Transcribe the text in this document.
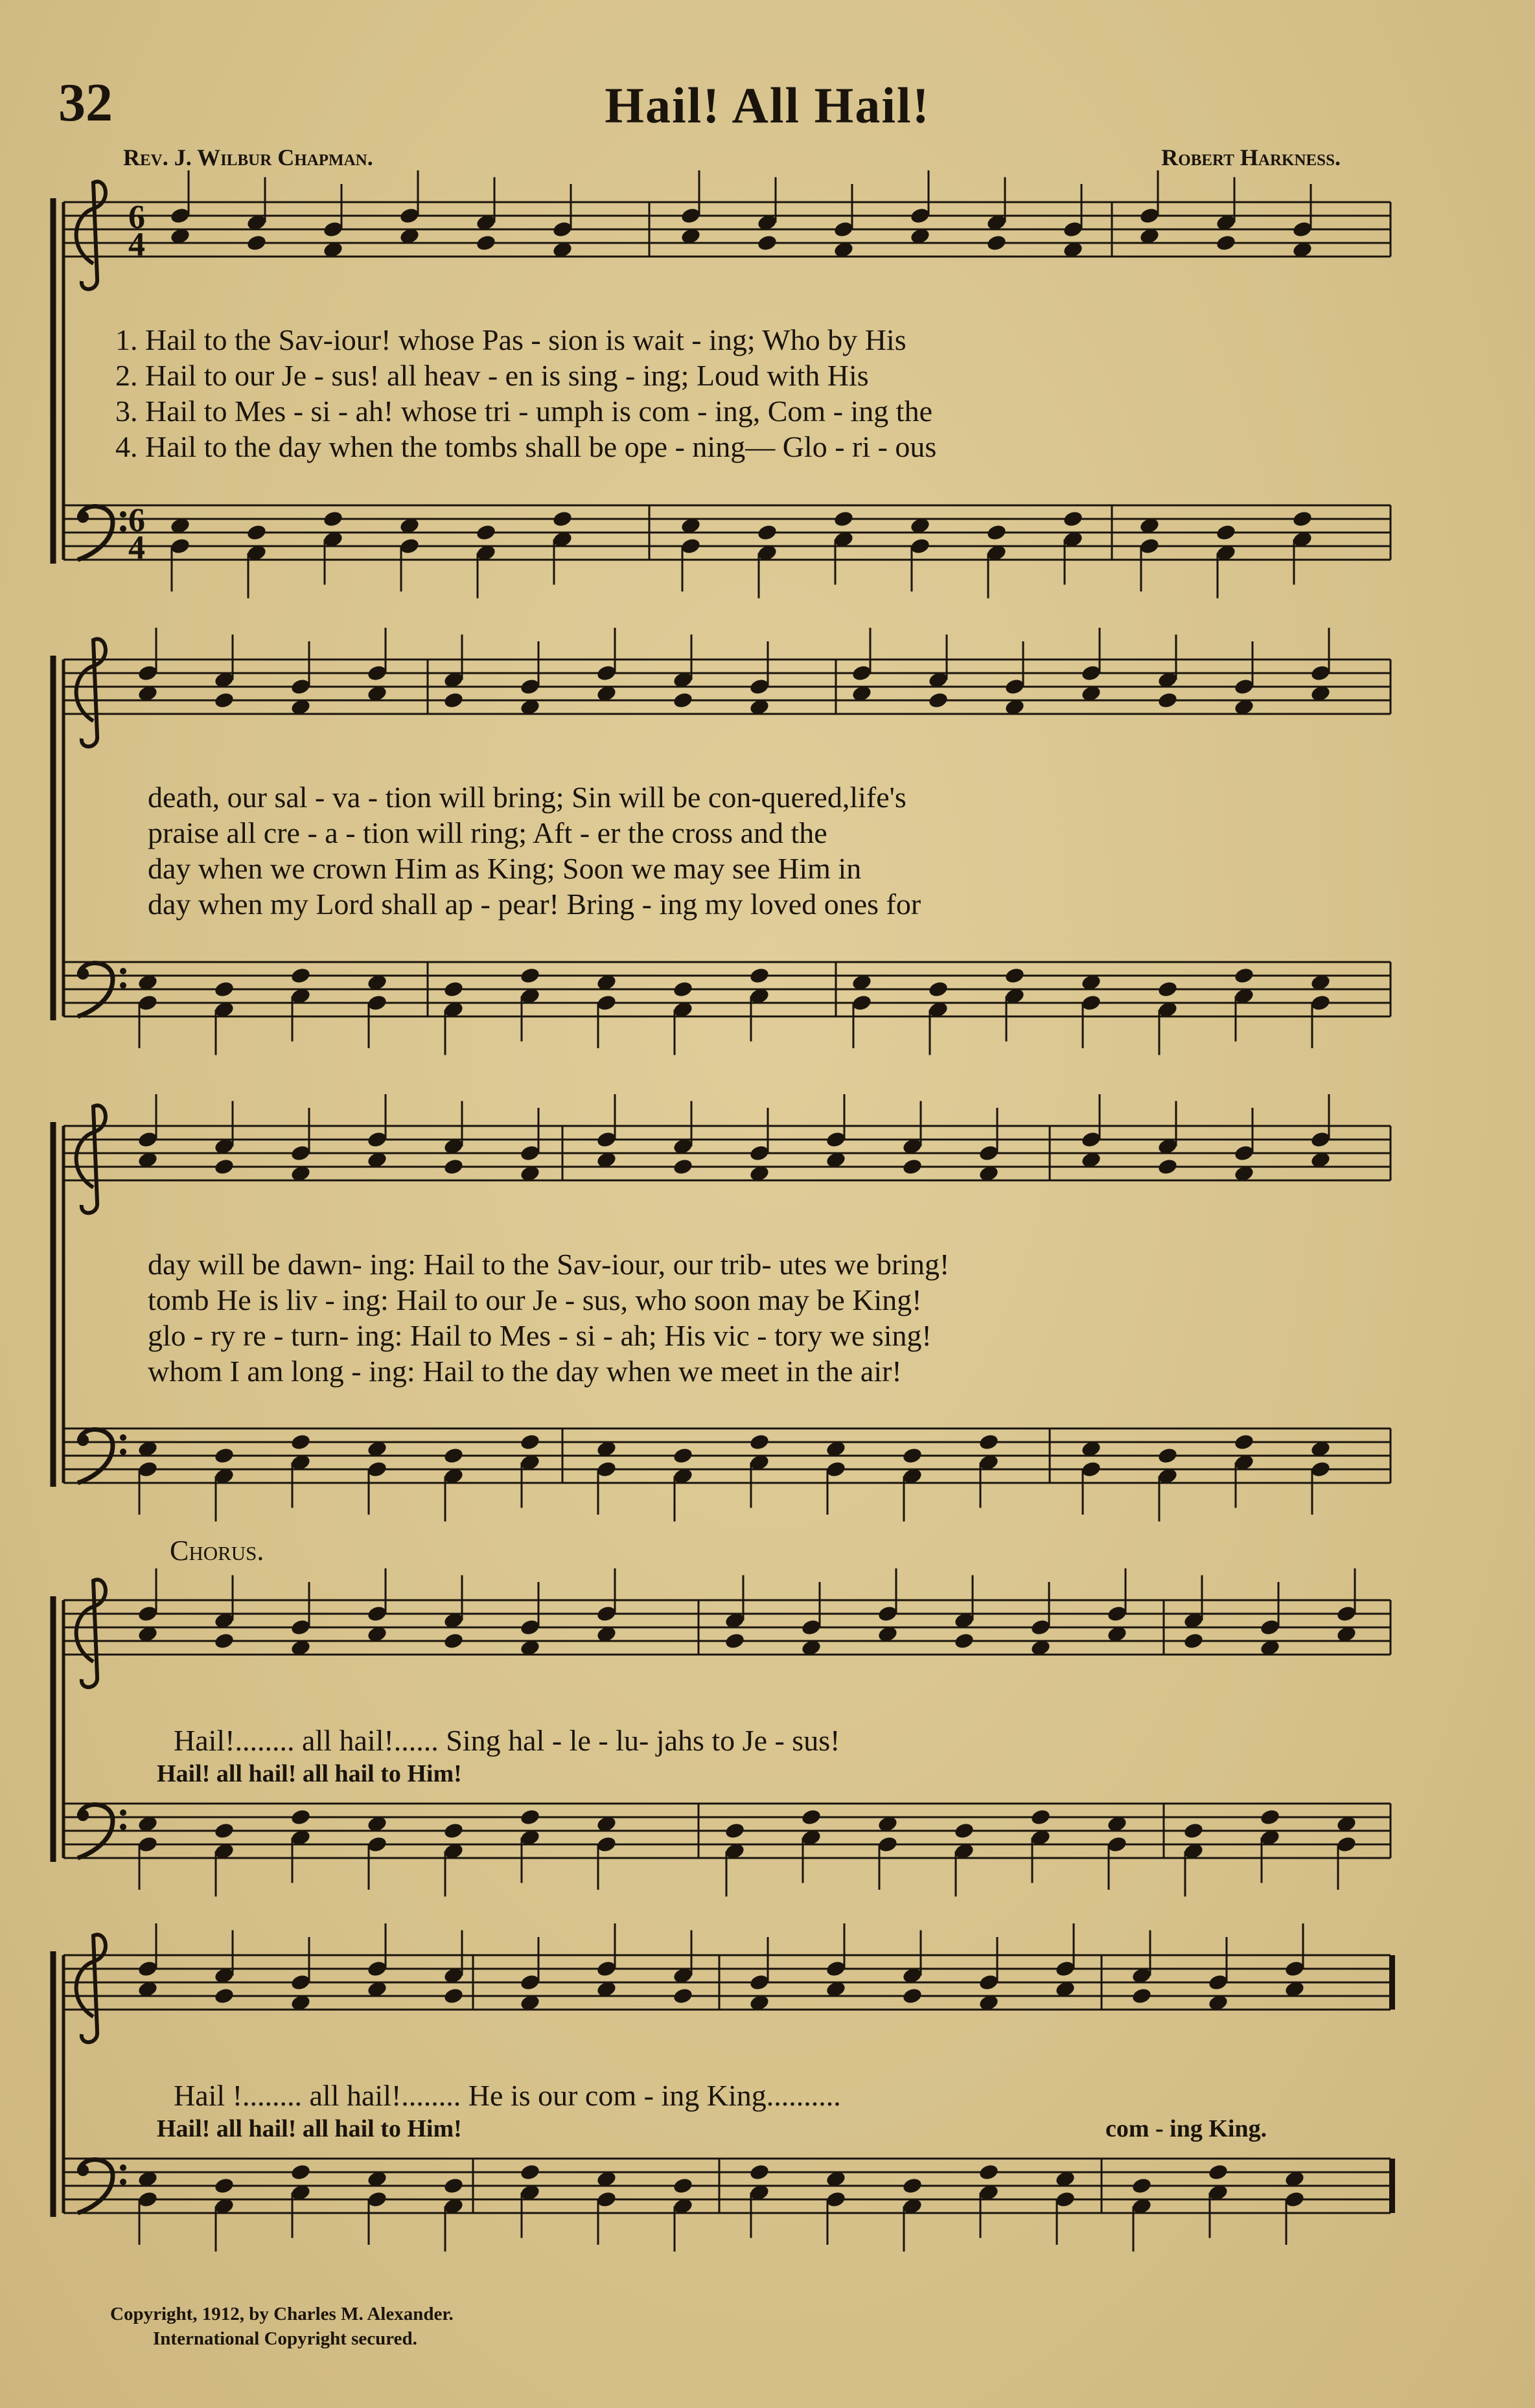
32	Hail! All Hail!
Rev. J. Wilbur Chapman.	Robert Harkness.
6
4
6
4
1. Hail to the Sav-iour! whose Pas - sion is wait - ing; Who by His
2. Hail to our Je - sus! all heav - en is sing - ing; Loud with His
3. Hail to Mes - si - ah! whose tri - umph is com - ing, Com - ing the
4. Hail to the day when the tombs shall be ope - ning— Glo - ri - ous
death, our sal - va - tion will bring; Sin will be con-quered,life's
praise all cre - a - tion will ring; Aft - er the cross and the
day when we crown Him as King; Soon we may see Him in
day when my Lord shall ap - pear! Bring - ing my loved ones for
day will be dawn- ing: Hail to the Sav-iour, our trib- utes we bring!
tomb He is liv - ing: Hail to our Je - sus, who soon may be King!
glo - ry re - turn- ing: Hail to Mes - si - ah; His vic - tory we sing!
whom I am long - ing: Hail to the day when we meet in the air!
Chorus.
Hail!........ all hail!...... Sing hal - le - lu- jahs to Je - sus!
Hail! all hail! all hail to Him!
Hail !........ all hail!........ He is our com - ing King..........
Hail! all hail! all hail to Him!	com - ing King.
Copyright, 1912, by Charles M. Alexander.
International Copyright secured.
